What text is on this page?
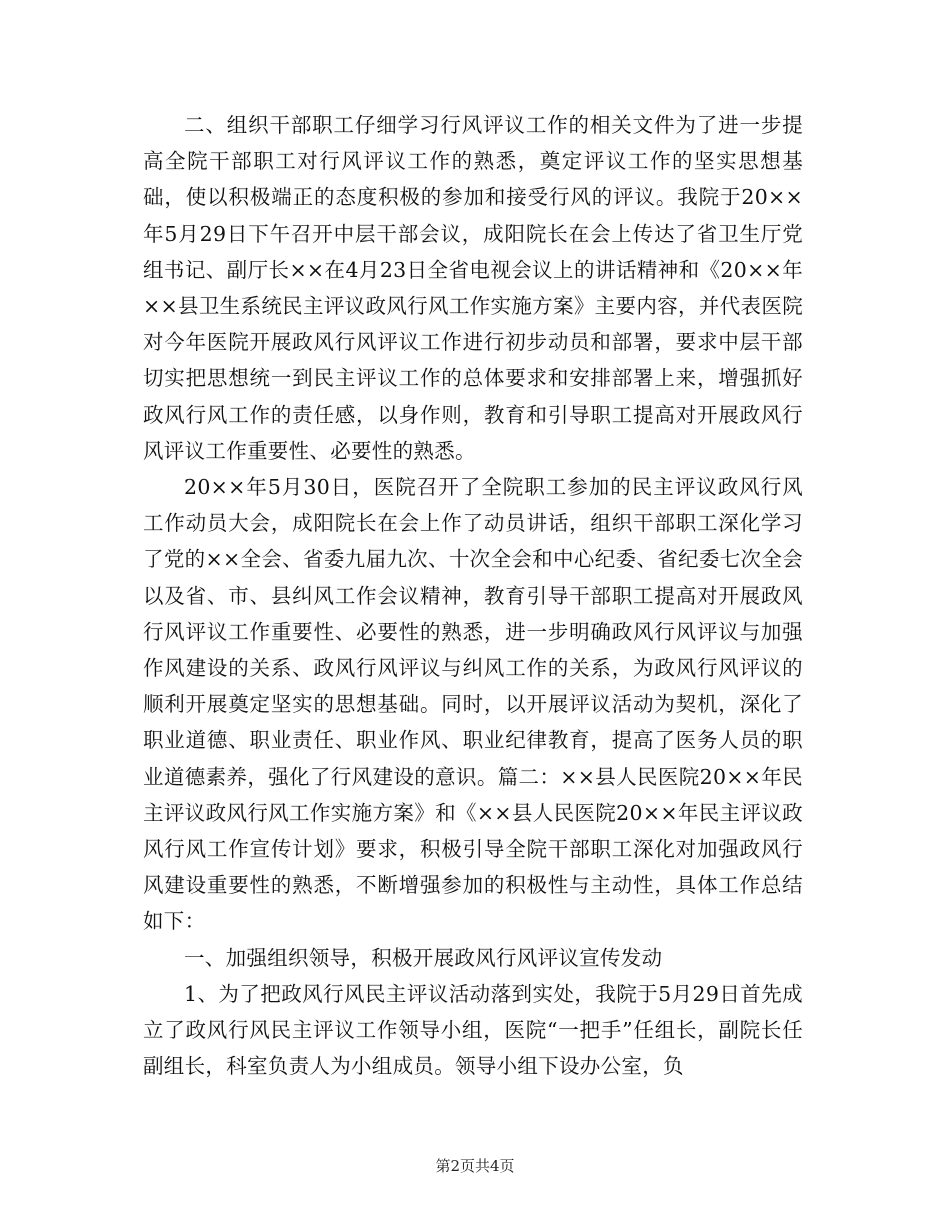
二、组织干部职工仔细学习行风评议工作的相关文件为了进一步提高全院干部职工对行风评议工作的熟悉，奠定评议工作的坚实思想基础，使以积极端正的态度积极的参加和接受行风的评议。我院于20××年5月29日下午召开中层干部会议，成阳院长在会上传达了省卫生厅党组书记、副厅长××在4月23日全省电视会议上的讲话精神和《20××年××县卫生系统民主评议政风行风工作实施方案》主要内容，并代表医院对今年医院开展政风行风评议工作进行初步动员和部署，要求中层干部切实把思想统一到民主评议工作的总体要求和安排部署上来，增强抓好政风行风工作的责任感，以身作则，教育和引导职工提高对开展政风行风评议工作重要性、必要性的熟悉。

20××年5月30日，医院召开了全院职工参加的民主评议政风行风工作动员大会，成阳院长在会上作了动员讲话，组织干部职工深化学习了党的××全会、省委九届九次、十次全会和中心纪委、省纪委七次全会以及省、市、县纠风工作会议精神，教育引导干部职工提高对开展政风行风评议工作重要性、必要性的熟悉，进一步明确政风行风评议与加强作风建设的关系、政风行风评议与纠风工作的关系，为政风行风评议的顺利开展奠定坚实的思想基础。同时，以开展评议活动为契机，深化了职业道德、职业责任、职业作风、职业纪律教育，提高了医务人员的职业道德素养，强化了行风建设的意识。篇二：××县人民医院20××年民主评议政风行风工作实施方案》和《××县人民医院20××年民主评议政风行风工作宣传计划》要求，积极引导全院干部职工深化对加强政风行风建设重要性的熟悉，不断增强参加的积极性与主动性，具体工作总结如下：

一、加强组织领导，积极开展政风行风评议宣传发动

1、为了把政风行风民主评议活动落到实处，我院于5月29日首先成立了政风行风民主评议工作领导小组，医院“一把手”任组长，副院长任副组长，科室负责人为小组成员。领导小组下设办公室，负

第2页共4页
